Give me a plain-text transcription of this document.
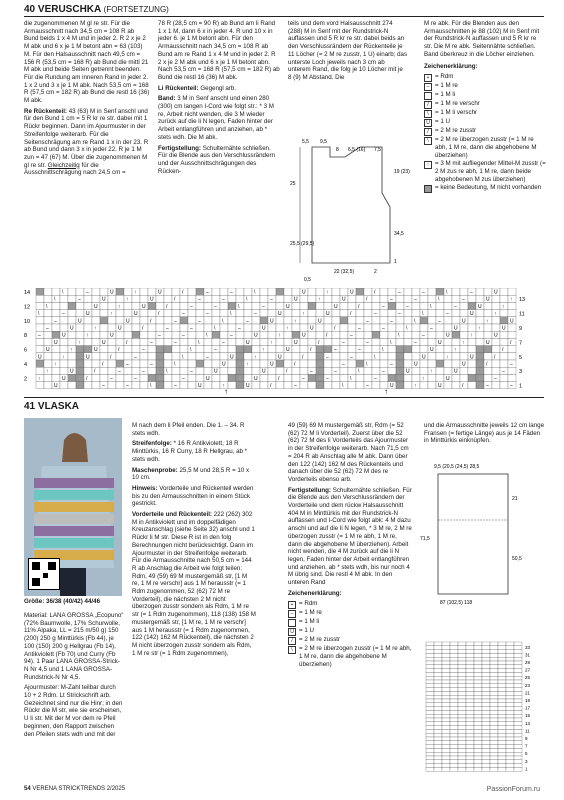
40 VERUSCHKA (FORTSETZUNG)

die zugenommenen M gl re str. Für die Armausschnitt nach 34,5 cm = 108 R ab Bund beids 1 x 4 M und in jeder 2. R 2 x je 2 M abk und 6 x je 1 M betont abn = 63 (103) M. Für den Halsausschnitt nach 49,5 cm = 156 R (53,5 cm = 168 R) ab Bund die mittl 21 M abk und beide Seiten getrennt beenden. Für die Rundung am inneren Rand in jeder 2. 1 x 2 und 3 x je 1 M abk. Nach 53,5 cm = 168 R (57,5 cm = 182 R) ab Bund die restl 16 (36) M abk.

Re Rückenteil: 43 (63) M in Senf anschl und für den Bund 1 cm = 5 R kr re str. dabei mit 1 Rückr beginnen. Dann im Ajourmuster in der Streifenfolge weiterarb. Für die Seitenschrägung am re Rand 1 x in der 23. R ab Bund und dann 3 x in jeder 22. R je 1 M zun = 47 (67) M. Über die zugenommenen M gl re str. Gleichzeitig für die Ausschnittschrägung nach 24,5 cm =

78 R (28,5 cm = 90 R) ab Bund am li Rand 1 x 1 M, dann 6 x in jeder 4. R und 10 x in jeder 6. je 1 M betont abn. Für den Armausschnitt nach 34,5 cm = 108 R ab Bund am re Rand 1 x 4 M und in jeder 2. R 2 x je 2 M abk und 6 x je 1 M betont abn. Nach 53,5 cm = 168 R (57,5 cm = 182 R) ab Bund die restl 16 (36) M abk.

Li Rückenteil: Gegengl arb.

Band: 3 M in Senf anschl und einen 280 (300) cm langen I-Cord wie folgt str.: * 3 M re, Arbeit nicht wenden, die 3 M wieder zurück auf die li N legen, Faden hinter der Arbeit entlangführen und anziehen, ab * stets wdh. Die M abk.

Fertigstellung: Schulternähte schließen. Für die Blende aus den Verschlussrändern und der Ausschnittschrägungen des Rücken-

teils und dem vord Halsausschnitt 274 (288) M in Senf mit der Rundstrick-N auffassen und 5 R kr re str. dabei beids an den Verschlussrändern der Rückenteile je 11 Löcher (= 2 M re zusstr, 1 U) einarb; das unterste Loch jeweils nach 3 cm ab unterem Rand, die folg je 10 Löcher mit je 8 (9) M Abstand. Die

M re abk. Für die Blenden aus den Armausschnitten je 88 (102) M in Senf mit der Rundstrick-N auffassen und 5 R kr re str. Die M re abk. Seitennähte schließen. Band überkreuz in die Löcher einziehen.

Zeichenerklärung:

+ = Rdm
– = 1 M re
= 1 M li
/	= 1 M re verschr
\	= 1 M li verschr
U = 1 U
/	= 2 M re zusstr
\	= 2 M re überzogen zusstr (= 1 M re abh, 1 M re, dann die abgehobene M überziehen)
↑ = 3 M mit aufliegender Mittel-M zusstr (= 2 M zus re abh, 1 M re, dann beide abgehobenen M zus überziehen)
= keine Bedeutung, M nicht vorhanden
9,5
8 6,5 (16) 7,5
5,5
19 (23)
25
34,5
25,5 (29,5)
1
22 (32,5)
0,5
2
\	–	U	↑	U	/	–	–	\	U	↑	U	/	–	–	\	–	U
\	–	U	↑	U	/	–	–	\	–	U	↑	U	/	–	–	\	–	U	↑
\	U	↑	U	/	–	–	\	–	U	U	/	–	–	\	–	U	↑
\	–	U	↑	U	/	–	–	\	–	U	↑	U	/	–	–	\	–	U	↑
–	U	U	/	–	–	\	–	U	↑	U	–	–	\	–	U	↑	U
–	U	↑	U	/	–	–	\	–	U	↑	U	/	–	–	\	–	U	↑	U
–	U	↑	U	–	–	\	–	U	↑	U	/	–	\	–	U	↑	U
U	↑	U	/	–	–	\	–	U	↑	U	/	–	–	\	–	U	↑	U	/
U	↑	U	/	–	\	–	↑	U	/	–	–	\	U	↑	/
U	↑	U	/	–	\	–	U	↑	U	/	–	–	\	U	↑	U	/
↑	/	–	–	\	U	↑	U	/	–	\	–	U	U	/	–
↑	U	/	–	–	\	–	U	U	/	–	–	\	–	U	↑	U	–
↑	U	/	–	–	–	U	U	/	–	–	\	–	↑	U	–
U	–	–	\	–	U	↑	U	/	–	\	–	U	↑	U	/	–	–
14
12
10
8
6
4
2
13
11
9
7
5
3
1
↑	↑
41 VLASKA
Größe: 36/38 (40/42) 44/46

Material: LANA GROSSA „Ecopuno“ (72% Baumwolle, 17% Schurwolle, 11% Alpaka, LL = 215 m/50 g) 150 (200) 250 g Minttürkis (Fb 44), je 100 (150) 200 g Hellgrau (Fb 14), Antikviolett (Fb 70) und Curry (Fb 94). 1 Paar LANA GROSSA-Strick-N Nr 4,5 und 1 LANA GROSSA-Rundstrick-N Nr 4,5.

Ajourmuster: M-Zahl teilbar durch 10 + 2 Rdm. Lt Strickschrift arb. Gezeichnet sind nur die Hinr; in den Rückr die M str, wie sie erscheinen, U li str. Mit der M vor dem re Pfeil beginnen, den Rapport zwischen den Pfeilen stets wdh und mit der

M nach dem li Pfeil enden. Die 1. – 34. R stets wdh.

Streifenfolge: * 16 R Antikviolett, 18 R Minttürkis, 16 R Curry, 18 R Hellgrau, ab * stets wdh.

Maschenprobe: 25,5 M und 28,5 R = 10 x 10 cm.

Hinweis: Vorderteile und Rückenteil werden bis zu den Armausschnitten in einem Stück gestrickt.

Vorderteile und Rückenteil: 222 (262) 302 M in Antikviolett und im doppelfädigen Kreuzanschlag (siehe Seite 32) anschl und 1 Rückr li M str. Diese R ist in den folg Berechnungen nicht berücksichtigt. Dann im Ajourmuster in der Streifenfolge weiterarb. Für die Armausschnitte nach 50,5 cm = 144 R ab Anschlag die Arbeit wie folgt teilen: Rdm, 49 (59) 69 M mustergemäß str, [1 M re, 1 M re verschr] aus 1 M herausstr (= 1 Rdm zugenommen, 52 (62) 72 M re Vorderteil), die nächsten 2 M nicht überzogen zusstr sondern als Rdm, 1 M re str (= 1 Rdm zugenommen), 118 (138) 158 M mustergemäß str, [1 M re, 1 M re verschr] aus 1 M herausstr (= 1 Rdm zugenommen, 122 (142) 162 M Rückenteil), die nächsten 2 M nicht überzogen zusstr sondern als Rdm, 1 M re str (= 1 Rdm zugenommen),

49 (59) 69 M mustergemäß str, Rdm (= 52 (62) 72 M li Vorderteil). Zuerst über die 52 (62) 72 M des li Vorderteils das Ajourmuster in der Streifenfolge weiterarb. Nach 71,5 cm = 204 R ab Anschlag alle M abk. Dann über den 122 (142) 162 M des Rückenteils und danach über die 52 (62) 72 M des re Vorderteils ebenso arb.

Fertigstellung: Schulternähte schließen. Für die Blende aus den Verschlussrändern der Vorderteile und dem rückw Halsausschnitt 404 M in Minttürkis mit der Rundstrick-N auffassen und I-Cord wie folgt abk: 4 M dazu anschl und auf die li N legen, * 3 M re, 2 M re überzogen zusstr (= 1 M re abh, 1 M re, dann die abgehobene M überziehen). Arbeit nicht wenden, die 4 M zurück auf die li N legen, Faden hinter der Arbeit entlangführen und anziehen, ab * stets wdh, bis nur noch 4 M übrig sind. Die restl 4 M abk. In den unteren Rand

Zeichenerklärung:

+ = Rdm
– = 1 M re
= 1 M li
U = 1 U
/	= 2 M re zusstr
\	= 2 M re überzogen zusstr (= 1 M re abh, 1 M re, dann die abgehobene M überziehen)

und die Armausschnitte jeweils 12 cm lange Fransen (= fertige Länge) aus je 14 Fäden in Minttürkis einknüpfen.

9,5 (20,5 (24,5) 28,5
21
71,5
50,5
87 (102,5) 118
33
31
29
27
25
23
21
19
17
15
13
11
9
7
5
3
1
54 VERENA STRICKTRENDS 2/2025	PassionForum.ru
